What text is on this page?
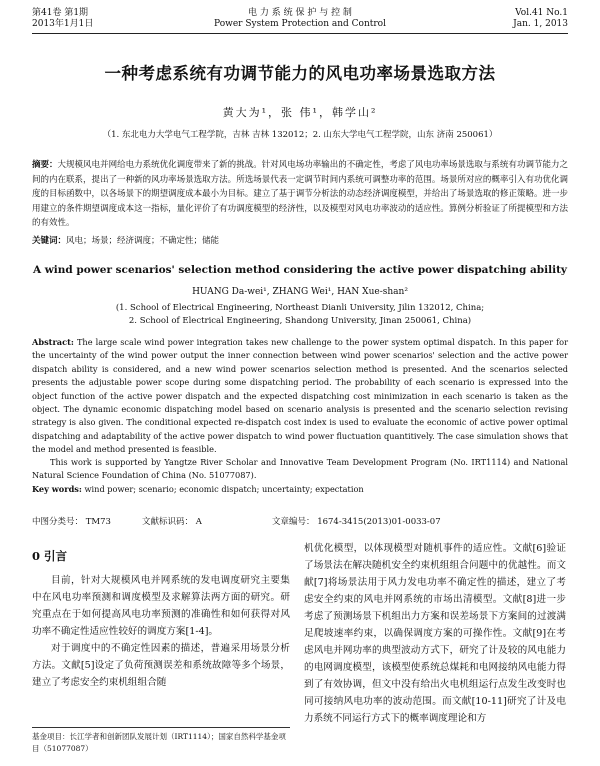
第41卷 第1期
2013年1月1日
电 力 系 统 保 护 与 控 制
Power System Protection and Control
Vol.41 No.1
Jan. 1, 2013
一种考虑系统有功调节能力的风电功率场景选取方法
黄大为¹，张 伟¹，韩学山²
（1. 东北电力大学电气工程学院，吉林 吉林 132012；2. 山东大学电气工程学院，山东 济南 250061）
摘要：大规模风电并网给电力系统优化调度带来了新的挑战。针对风电场功率输出的不确定性，考虑了风电功率场景选取与系统有功调节能力之间的内在联系，提出了一种新的风功率场景选取方法。所选场景代表一定调节时间内系统可调整功率的范围。场景所对应的概率引入有功优化调度的目标函数中，以各场景下的期望调度成本最小为目标。建立了基于调节分析法的动态经济调度模型，并给出了场景选取的修正策略。进一步用建立的条件期望调度成本这一指标，量化评价了有功调度模型的经济性，以及模型对风电功率波动的适应性。算例分析验证了所提模型和方法的有效性。
关键词：风电；场景；经济调度；不确定性；储能
A wind power scenarios' selection method considering the active power dispatching ability
HUANG Da-wei¹, ZHANG Wei¹, HAN Xue-shan²
(1. School of Electrical Engineering, Northeast Dianli University, Jilin 132012, China;
2. School of Electrical Engineering, Shandong University, Jinan 250061, China)
Abstract: The large scale wind power integration takes new challenge to the power system optimal dispatch. In this paper for the uncertainty of the wind power output the inner connection between wind power scenarios' selection and the active power dispatch ability is considered, and a new wind power scenarios selection method is presented. And the scenarios selected presents the adjustable power scope during some dispatching period. The probability of each scenario is expressed into the object function of the active power dispatch and the expected dispatching cost minimization in each scenario is taken as the object. The dynamic economic dispatching model based on scenario analysis is presented and the scenario selection revising strategy is also given. The conditional expected re-dispatch cost index is used to evaluate the economic of active power optimal dispatching and adaptability of the active power dispatch to wind power fluctuation quantitively. The case simulation shows that the model and method presented is feasible.
This work is supported by Yangtze River Scholar and Innovative Team Development Program (No. IRT1114) and National Natural Science Foundation of China (No. 51077087).
Key words: wind power; scenario; economic dispatch; uncertainty; expectation
中图分类号： TM73	文献标识码： A	文章编号： 1674-3415(2013)01-0033-07
0 引言

目前，针对大规模风电并网系统的发电调度研究主要集中在风电功率预测和调度模型及求解算法两方面的研究。研究重点在于如何提高风电功率预测的准确性和如何获得对风功率不确定性适应性较好的调度方案[1-4]。

对于调度中的不确定性因素的描述，普遍采用场景分析方法。文献[5]设定了负荷预测误差和系统故障等多个场景，建立了考虑安全约束机组组合随

机优化模型，以体现模型对随机事件的适应性。文献[6]验证了场景法在解决随机安全约束机组组合问题中的优越性。而文献[7]将场景法用于风力发电功率不确定性的描述，建立了考虑安全约束的风电并网系统的市场出清模型。文献[8]进一步考虑了预测场景下机组出力方案和误差场景下方案间的过渡满足爬坡速率约束，以确保调度方案的可操作性。文献[9]在考虑风电并网功率的典型波动方式下，研究了计及较的风电能力的电网调度模型，该模型使系统总煤耗和电网接纳风电能力得到了有效协调，但文中没有给出火电机组运行点发生改变时也同可接纳风电功率的波动范围。而文献[10-11]研究了计及电力系统不同运行方式下的概率调度理论和方

基金项目：长江学者和创新团队发展计划（IRT1114）；国家自然科学基金项目（51077087）
